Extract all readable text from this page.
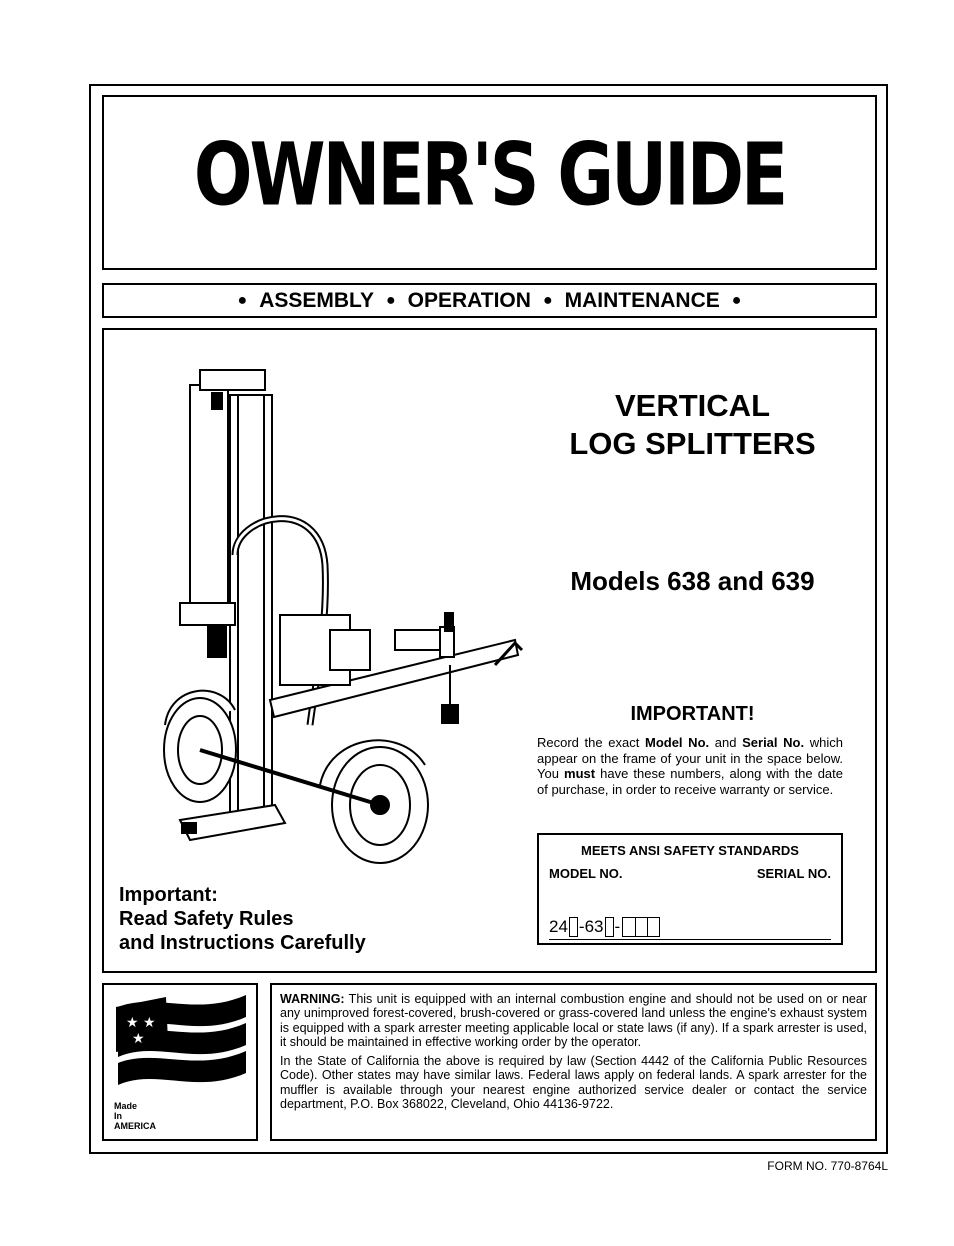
OWNER'S GUIDE
● ASSEMBLY ● OPERATION ● MAINTENANCE ●
VERTICAL
LOG SPLITTERS
Models 638 and 639
IMPORTANT!
Record the exact Model No. and Serial No. which appear on the frame of your unit in the space below. You must have these numbers, along with the date of purchase, in order to receive warranty or service.
MEETS ANSI SAFETY STANDARDS
MODEL NO.	SERIAL NO.
24 -63 -
Important:
Read Safety Rules
and Instructions Carefully
★ ★
★
Made
In
AMERICA

WARNING: This unit is equipped with an internal combustion engine and should not be used on or near any unimproved forest-covered, brush-covered or grass-covered land unless the engine's exhaust system is equipped with a spark arrester meeting applicable local or state laws (if any). If a spark arrester is used, it should be maintained in effective working order by the operator.

In the State of California the above is required by law (Section 4442 of the California Public Resources Code). Other states may have similar laws. Federal laws apply on federal lands. A spark arrester for the muffler is available through your nearest engine authorized service dealer or contact the service department, P.O. Box 368022, Cleveland, Ohio 44136-9722.

FORM NO. 770-8764L
